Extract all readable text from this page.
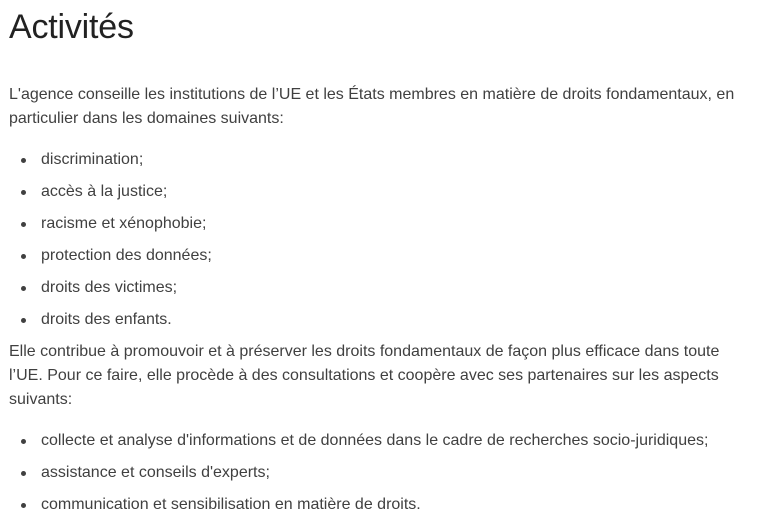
Activités

L'agence conseille les institutions de l’UE et les États membres en matière de droits fondamentaux, en particulier dans les domaines suivants:

discrimination;
accès à la justice;
racisme et xénophobie;
protection des données;
droits des victimes;
droits des enfants.

Elle contribue à promouvoir et à préserver les droits fondamentaux de façon plus efficace dans toute l’UE. Pour ce faire, elle procède à des consultations et coopère avec ses partenaires sur les aspects suivants:

collecte et analyse d'informations et de données dans le cadre de recherches socio-juridiques;
assistance et conseils d'experts;
communication et sensibilisation en matière de droits.
